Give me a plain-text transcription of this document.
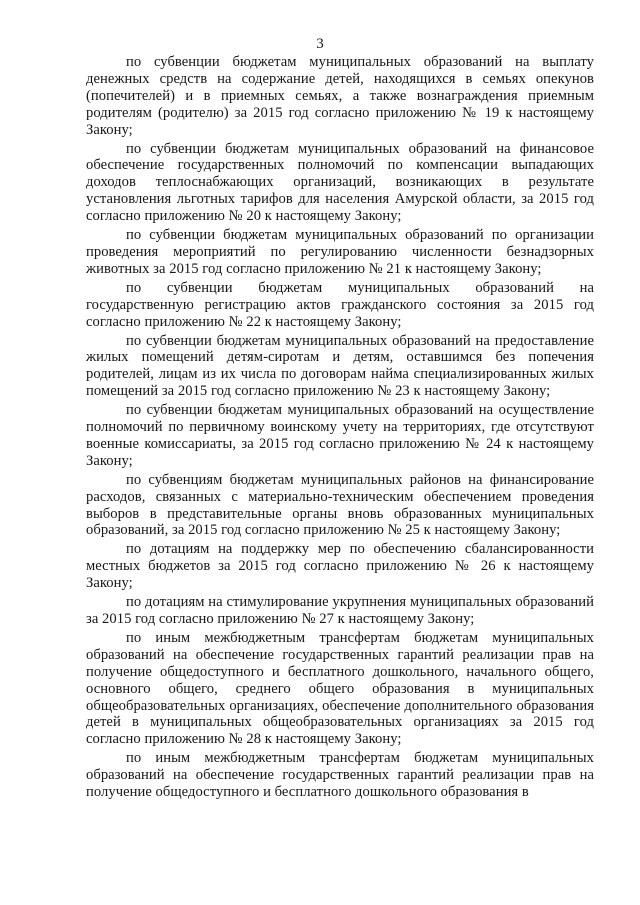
3

по субвенции бюджетам муниципальных образований на выплату денежных средств на содержание детей, находящихся в семьях опекунов (попечителей) и в приемных семьях, а также вознаграждения приемным родителям (родителю) за 2015 год согласно приложению № 19 к настоящему Закону;

по субвенции бюджетам муниципальных образований на финансовое обеспечение государственных полномочий по компенсации выпадающих доходов теплоснабжающих организаций, возникающих в результате установления льготных тарифов для населения Амурской области, за 2015 год согласно приложению № 20 к настоящему Закону;

по субвенции бюджетам муниципальных образований по организации проведения мероприятий по регулированию численности безнадзорных животных за 2015 год согласно приложению № 21 к настоящему Закону;

по субвенции бюджетам муниципальных образований на государственную регистрацию актов гражданского состояния за 2015 год согласно приложению № 22 к настоящему Закону;

по субвенции бюджетам муниципальных образований на предоставление жилых помещений детям-сиротам и детям, оставшимся без попечения родителей, лицам из их числа по договорам найма специализированных жилых помещений за 2015 год согласно приложению № 23 к настоящему Закону;

по субвенции бюджетам муниципальных образований на осуществление полномочий по первичному воинскому учету на территориях, где отсутствуют военные комиссариаты, за 2015 год согласно приложению № 24 к настоящему Закону;

по субвенциям бюджетам муниципальных районов на финансирование расходов, связанных с материально-техническим обеспечением проведения выборов в представительные органы вновь образованных муниципальных образований, за 2015 год согласно приложению № 25 к настоящему Закону;

по дотациям на поддержку мер по обеспечению сбалансированности местных бюджетов за 2015 год согласно приложению № 26 к настоящему Закону;

по дотациям на стимулирование укрупнения муниципальных образований за 2015 год согласно приложению № 27 к настоящему Закону;

по иным межбюджетным трансфертам бюджетам муниципальных образований на обеспечение государственных гарантий реализации прав на получение общедоступного и бесплатного дошкольного, начального общего, основного общего, среднего общего образования в муниципальных общеобразовательных организациях, обеспечение дополнительного образования детей в муниципальных общеобразовательных организациях за 2015 год согласно приложению № 28 к настоящему Закону;

по иным межбюджетным трансфертам бюджетам муниципальных образований на обеспечение государственных гарантий реализации прав на получение общедоступного и бесплатного дошкольного образования в
